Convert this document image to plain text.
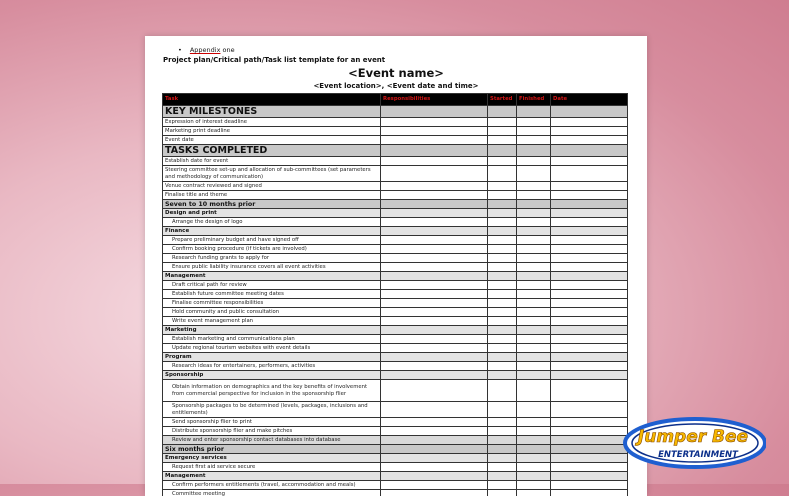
• Appendix one
Project plan/Critical path/Task list template for an event
<Event name>
<Event location>, <Event date and time>
Task	Responsibilities	Started	Finished	Date
KEY MILESTONES				
Expression of interest deadline				
Marketing print deadline				
Event date				
TASKS COMPLETED				
Establish date for event				
Steering committee set-up and allocation of sub-committees (set parameters and methodology of communication)				
Venue contract reviewed and signed				
Finalise title and theme				
Seven to 10 months prior				
Design and print				
Arrange the design of logo				
Finance				
Prepare preliminary budget and have signed off				
Confirm booking procedure (if tickets are involved)				
Research funding grants to apply for				
Ensure public liability insurance covers all event activities				
Management				
Draft critical path for review				
Establish future committee meeting dates				
Finalise committee responsibilities				
Hold community and public consultation				
Write event management plan				
Marketing				
Establish marketing and communications plan				
Update regional tourism websites with event details				
Program				
Research ideas for entertainers, performers, activities				
Sponsorship				
Obtain information on demographics and the key benefits of involvement from commercial perspective for inclusion in the sponsorship flier				
Sponsorship packages to be determined (levels, packages, inclusions and entitlements)				
Send sponsorship flier to print				
Distribute sponsorship flier and make pitches				
Review and enter sponsorship contact databases into database				
Six months prior				
Emergency services				
Request first aid service secure				
Management				
Confirm performers entitlements (travel, accommodation and meals)				
Committee meeting				
Jumper Bee
ENTERTAINMENT
